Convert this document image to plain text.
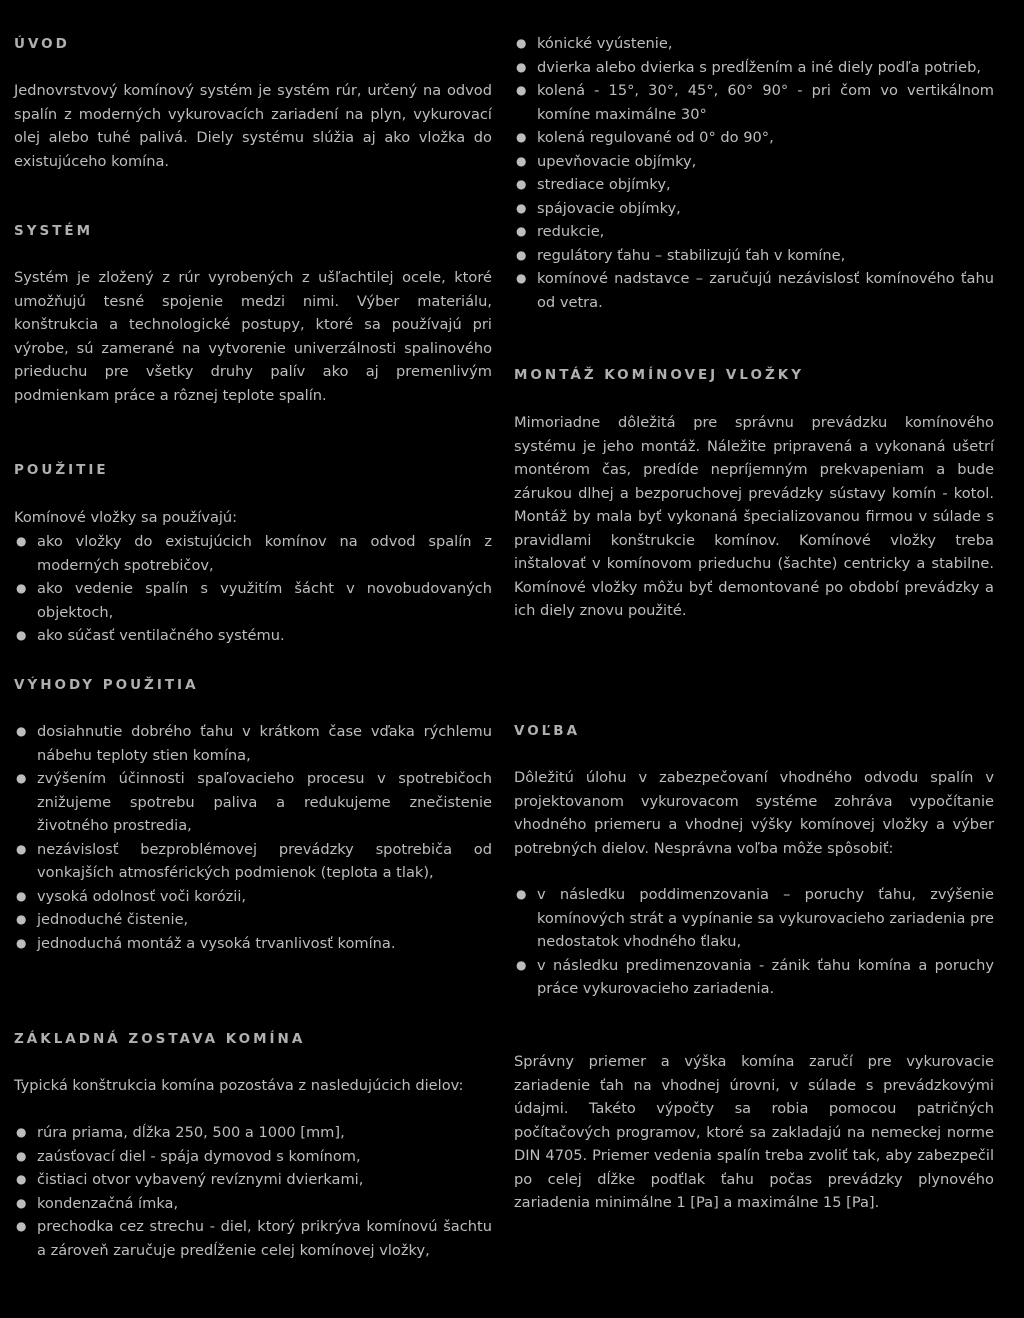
ÚVOD

Jednovrstvový komínový systém je systém rúr, určený na odvod spalín z moderných vykurovacích zariadení na plyn, vykurovací olej alebo tuhé palivá. Diely systému slúžia aj ako vložka do existujúceho komína.

SYSTÉM

Systém je zložený z rúr vyrobených z ušľachtilej ocele, ktoré umožňujú tesné spojenie medzi nimi. Výber materiálu, konštrukcia a technologické postupy, ktoré sa používajú pri výrobe, sú zamerané na vytvorenie univerzálnosti spalinového prieduchu pre všetky druhy palív ako aj premenlivým podmienkam práce a rôznej teplote spalín.

POUŽITIE

Komínové vložky sa používajú:

● ako vložky do existujúcich komínov na odvod spalín z moderných spotrebičov,
● ako vedenie spalín s využitím šácht v novobudovaných objektoch,
● ako súčasť ventilačného systému.
VÝHODY POUŽITIA
● dosiahnutie dobrého ťahu v krátkom čase vďaka rýchlemu nábehu teploty stien komína,
● zvýšením účinnosti spaľovacieho procesu v spotrebičoch znižujeme spotrebu paliva a redukujeme znečistenie životného prostredia,
● nezávislosť bezproblémovej prevádzky spotrebiča od vonkajších atmosférických podmienok (teplota a tlak),
● vysoká odolnosť voči korózii,
● jednoduché čistenie,
● jednoduchá montáž a vysoká trvanlivosť komína.
ZÁKLADNÁ ZOSTAVA KOMÍNA

Typická konštrukcia komína pozostáva z nasledujúcich dielov:

● rúra priama, dĺžka 250, 500 a 1000 [mm],
● zaúsťovací diel - spája dymovod s komínom,
● čistiaci otvor vybavený revíznymi dvierkami,
● kondenzačná ímka,
● prechodka cez strechu - diel, ktorý prikrýva komínovú šachtu a zároveň zaručuje predĺženie celej komínovej vložky,
● kónické vyústenie,
● dvierka alebo dvierka s predĺžením a iné diely podľa potrieb,
● kolená - 15°, 30°, 45°, 60° 90° - pri čom vo vertikálnom komíne maximálne 30°
● kolená regulované od 0° do 90°,
● upevňovacie objímky,
● strediace objímky,
● spájovacie objímky,
● redukcie,
● regulátory ťahu – stabilizujú ťah v komíne,
● komínové nadstavce – zaručujú nezávislosť komínového ťahu od vetra.
MONTÁŽ KOMÍNOVEJ VLOŽKY

Mimoriadne dôležitá pre správnu prevádzku komínového systému je jeho montáž. Náležite pripravená a vykonaná ušetrí montérom čas, predíde nepríjemným prekvapeniam a bude zárukou dlhej a bezporuchovej prevádzky sústavy komín - kotol. Montáž by mala byť vykonaná špecializovanou firmou v súlade s pravidlami konštrukcie komínov. Komínové vložky treba inštalovať v komínovom prieduchu (šachte) centricky a stabilne. Komínové vložky môžu byť demontované po období prevádzky a ich diely znovu použité.

VOĽBA

Dôležitú úlohu v zabezpečovaní vhodného odvodu spalín v projektovanom vykurovacom systéme zohráva vypočítanie vhodného priemeru a vhodnej výšky komínovej vložky a výber potrebných dielov. Nesprávna voľba môže spôsobiť:

● v následku poddimenzovania – poruchy ťahu, zvýšenie komínových strát a vypínanie sa vykurovacieho zariadenia pre nedostatok vhodného ťlaku,
● v následku predimenzovania - zánik ťahu komína a poruchy práce vykurovacieho zariadenia.

Správny priemer a výška komína zaručí pre vykurovacie zariadenie ťah na vhodnej úrovni, v súlade s prevádzkovými údajmi. Takéto výpočty sa robia pomocou patričných počítačových programov, ktoré sa zakladajú na nemeckej norme DIN 4705. Priemer vedenia spalín treba zvoliť tak, aby zabezpečil po celej dĺžke podťlak ťahu počas prevádzky plynového zariadenia minimálne 1 [Pa] a maximálne 15 [Pa].
